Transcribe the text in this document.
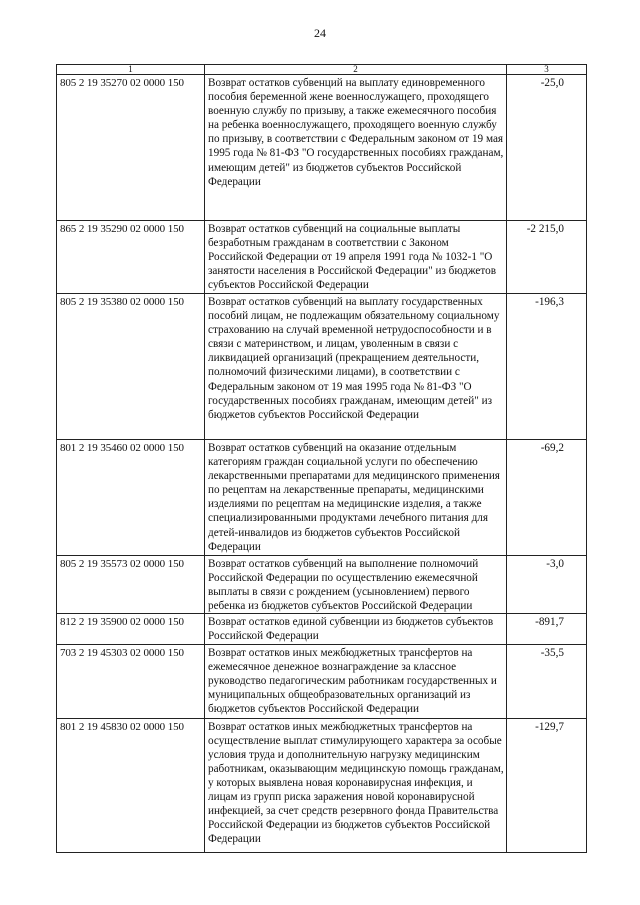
24
1	2	3
805 2 19 35270 02 0000 150	Возврат остатков субвенций на выплату единовременного пособия беременной жене военнослужащего, проходящего военную службу по призыву, а также ежемесячного пособия на ребенка военнослужащего, проходящего военную службу по призыву, в соответствии с Федеральным законом от 19 мая 1995 года № 81-ФЗ "О государственных пособиях гражданам, имеющим детей" из бюджетов субъектов Российской Федерации	-25,0
865 2 19 35290 02 0000 150	Возврат остатков субвенций на социальные выплаты безработным гражданам в соответствии с Законом Российской Федерации от 19 апреля 1991 года № 1032-1 "О занятости населения в Российской Федерации" из бюджетов субъектов Российской Федерации	-2 215,0
805 2 19 35380 02 0000 150	Возврат остатков субвенций на выплату государственных пособий лицам, не подлежащим обязательному социальному страхованию на случай временной нетрудоспособности и в связи с материнством, и лицам, уволенным в связи с ликвидацией организаций (прекращением деятельности, полномочий физическими лицами), в соответствии с Федеральным законом от 19 мая 1995 года № 81-ФЗ "О государственных пособиях гражданам, имеющим детей" из бюджетов субъектов Российской Федерации	-196,3
801 2 19 35460 02 0000 150	Возврат остатков субвенций на оказание отдельным категориям граждан социальной услуги по обеспечению лекарственными препаратами для медицинского применения по рецептам на лекарственные препараты, медицинскими изделиями по рецептам на медицинские изделия, а также специализированными продуктами лечебного питания для детей-инвалидов из бюджетов субъектов Российской Федерации	-69,2
805 2 19 35573 02 0000 150	Возврат остатков субвенций на выполнение полномочий Российской Федерации по осуществлению ежемесячной выплаты в связи с рождением (усыновлением) первого ребенка из бюджетов субъектов Российской Федерации	-3,0
812 2 19 35900 02 0000 150	Возврат остатков единой субвенции из бюджетов субъектов Российской Федерации	-891,7
703 2 19 45303 02 0000 150	Возврат остатков иных межбюджетных трансфертов на ежемесячное денежное вознаграждение за классное руководство педагогическим работникам государственных и муниципальных общеобразовательных организаций из бюджетов субъектов Российской Федерации	-35,5
801 2 19 45830 02 0000 150	Возврат остатков иных межбюджетных трансфертов на осуществление выплат стимулирующего характера за особые условия труда и дополнительную нагрузку медицинским работникам, оказывающим медицинскую помощь гражданам, у которых выявлена новая коронавирусная инфекция, и лицам из групп риска заражения новой коронавирусной инфекцией, за счет средств резервного фонда Правительства Российской Федерации из бюджетов субъектов Российской Федерации	-129,7
